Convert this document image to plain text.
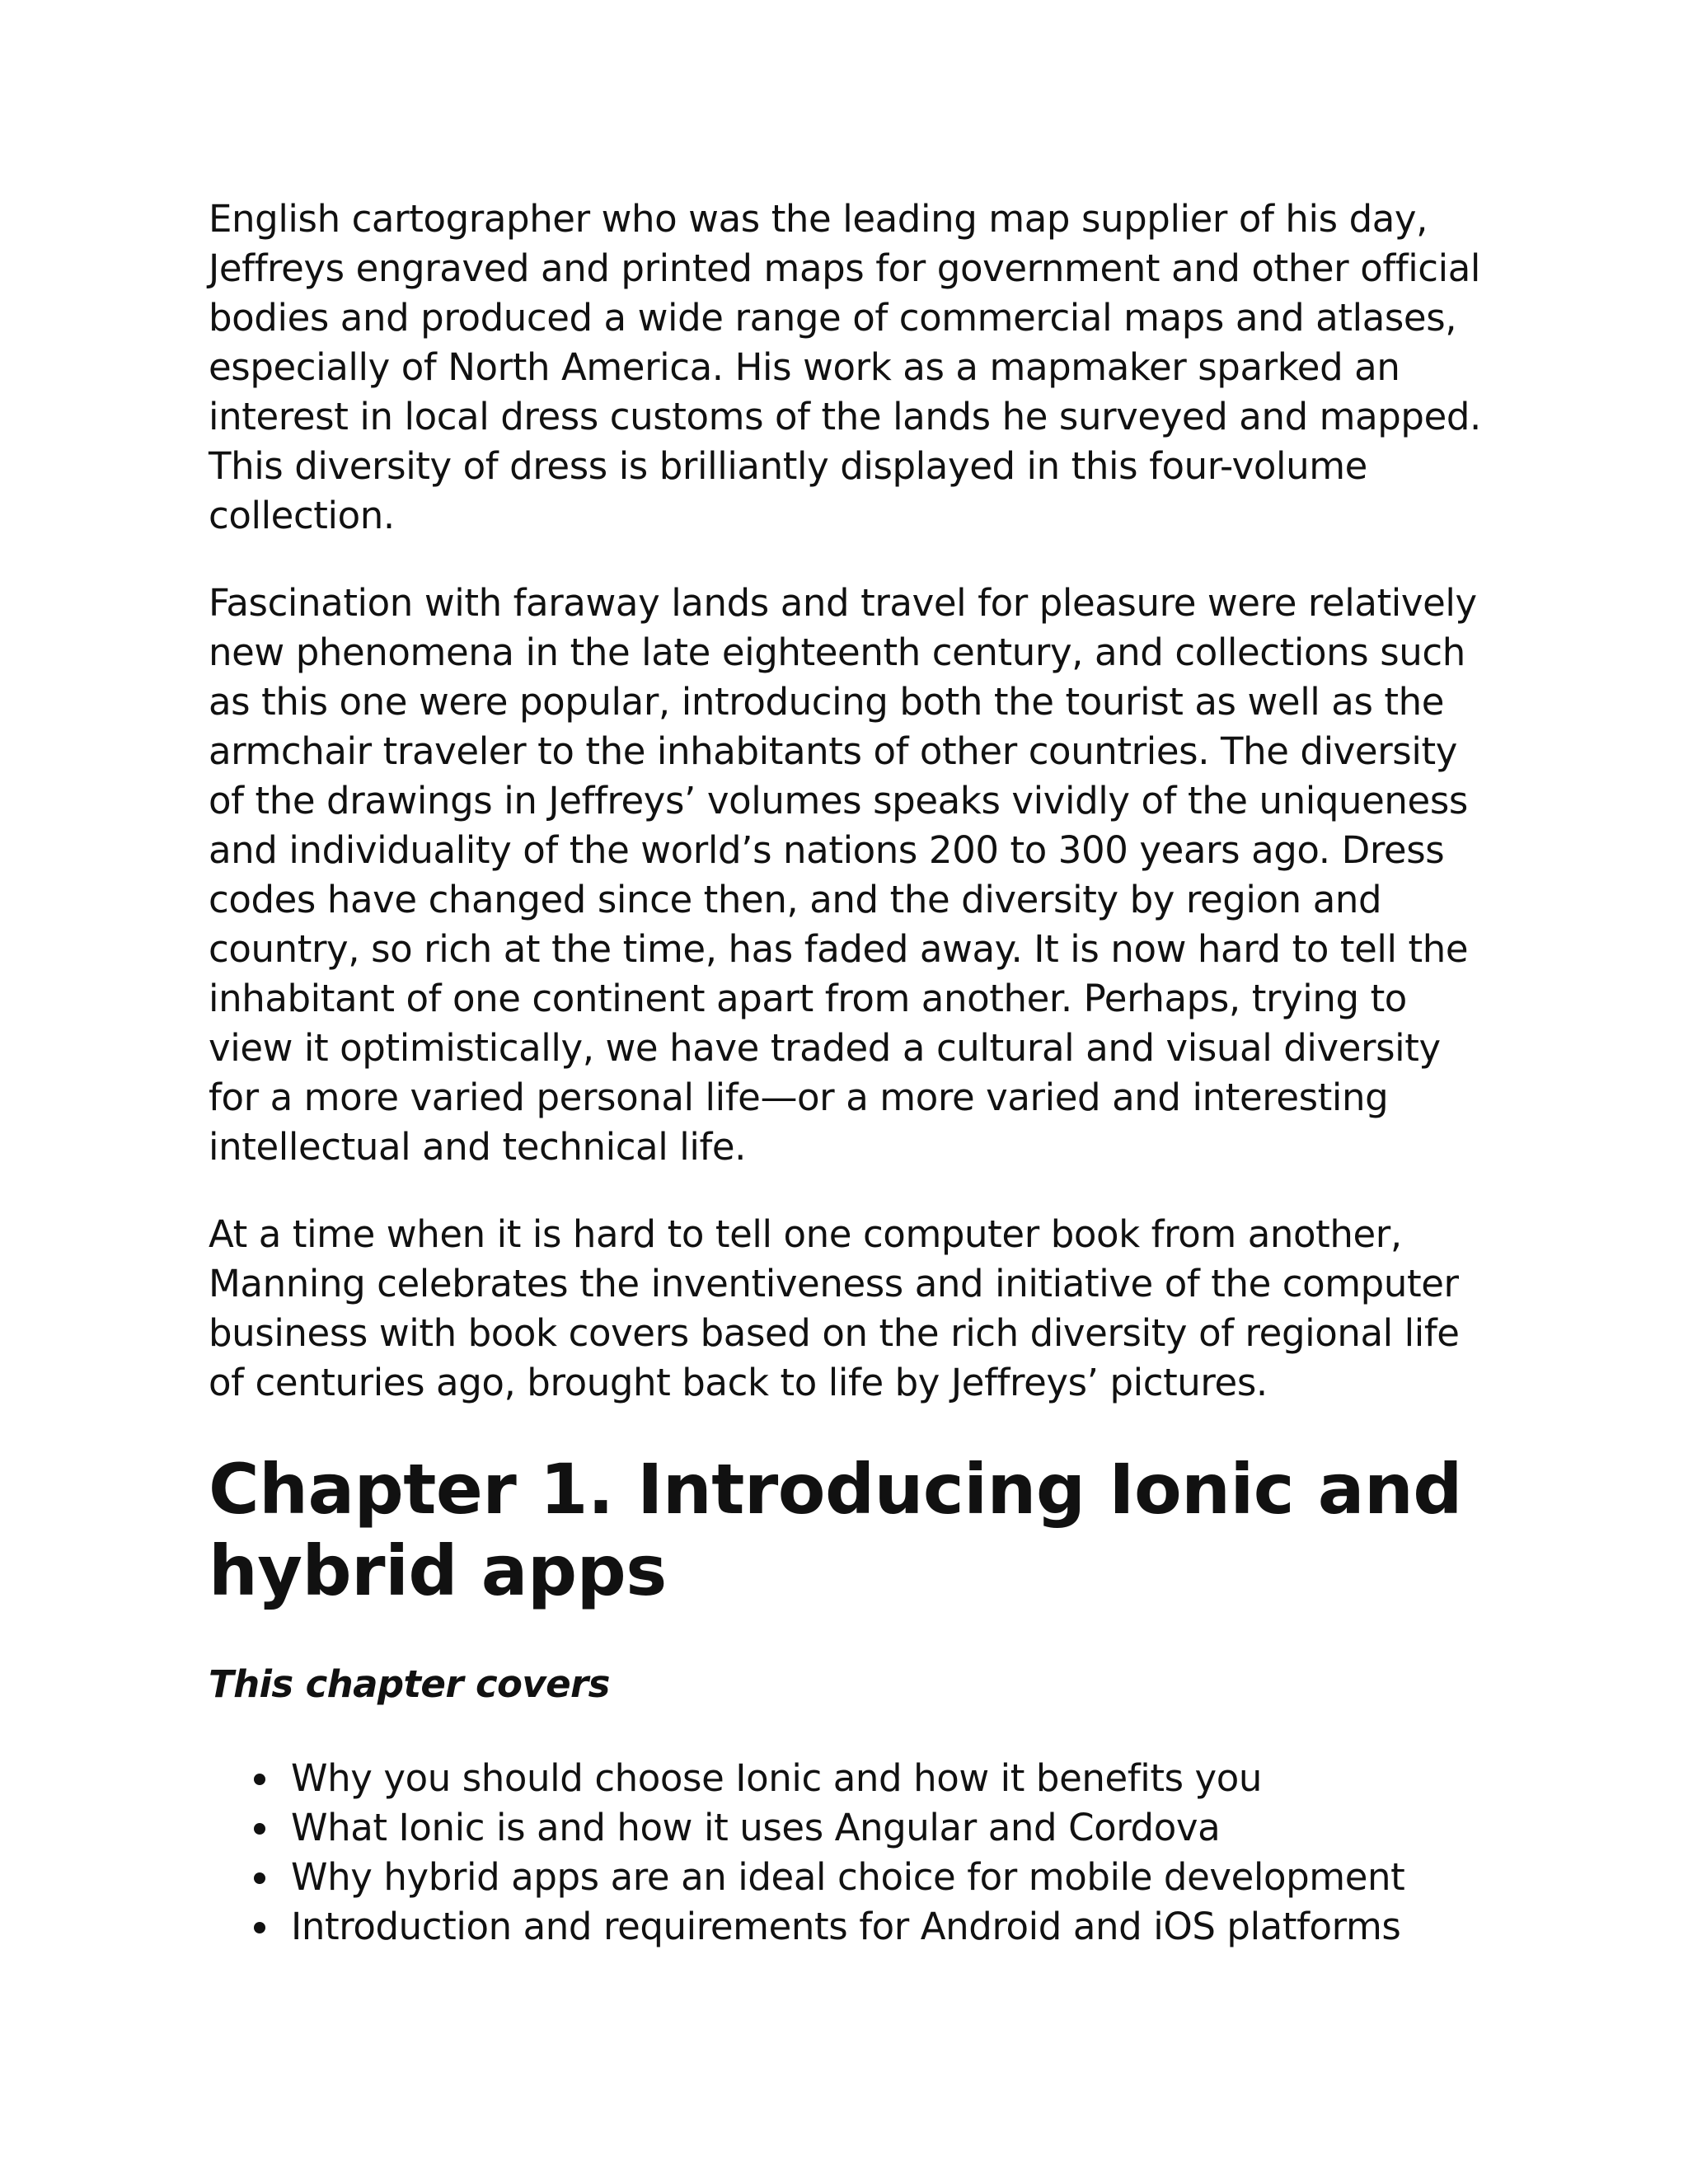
English cartographer who was the leading map supplier of his day, Jeffreys engraved and printed maps for government and other official bodies and produced a wide range of commercial maps and atlases, especially of North America. His work as a mapmaker sparked an interest in local dress customs of the lands he surveyed and mapped. This diversity of dress is brilliantly displayed in this four-volume collection.

Fascination with faraway lands and travel for pleasure were relatively new phenomena in the late eighteenth century, and collections such as this one were popular, introducing both the tourist as well as the armchair traveler to the inhabitants of other countries. The diversity of the drawings in Jeffreys’ volumes speaks vividly of the uniqueness and individuality of the world’s nations 200 to 300 years ago. Dress codes have changed since then, and the diversity by region and country, so rich at the time, has faded away. It is now hard to tell the inhabitant of one continent apart from another. Perhaps, trying to view it optimistically, we have traded a cultural and visual diversity for a more varied personal life—or a more varied and interesting intellectual and technical life.

At a time when it is hard to tell one computer book from another, Manning celebrates the inventiveness and initiative of the computer business with book covers based on the rich diversity of regional life of centuries ago, brought back to life by Jeffreys’ pictures.

Chapter 1. Introducing Ionic and hybrid apps
This chapter covers
Why you should choose Ionic and how it benefits you
What Ionic is and how it uses Angular and Cordova
Why hybrid apps are an ideal choice for mobile development
Introduction and requirements for Android and iOS platforms
